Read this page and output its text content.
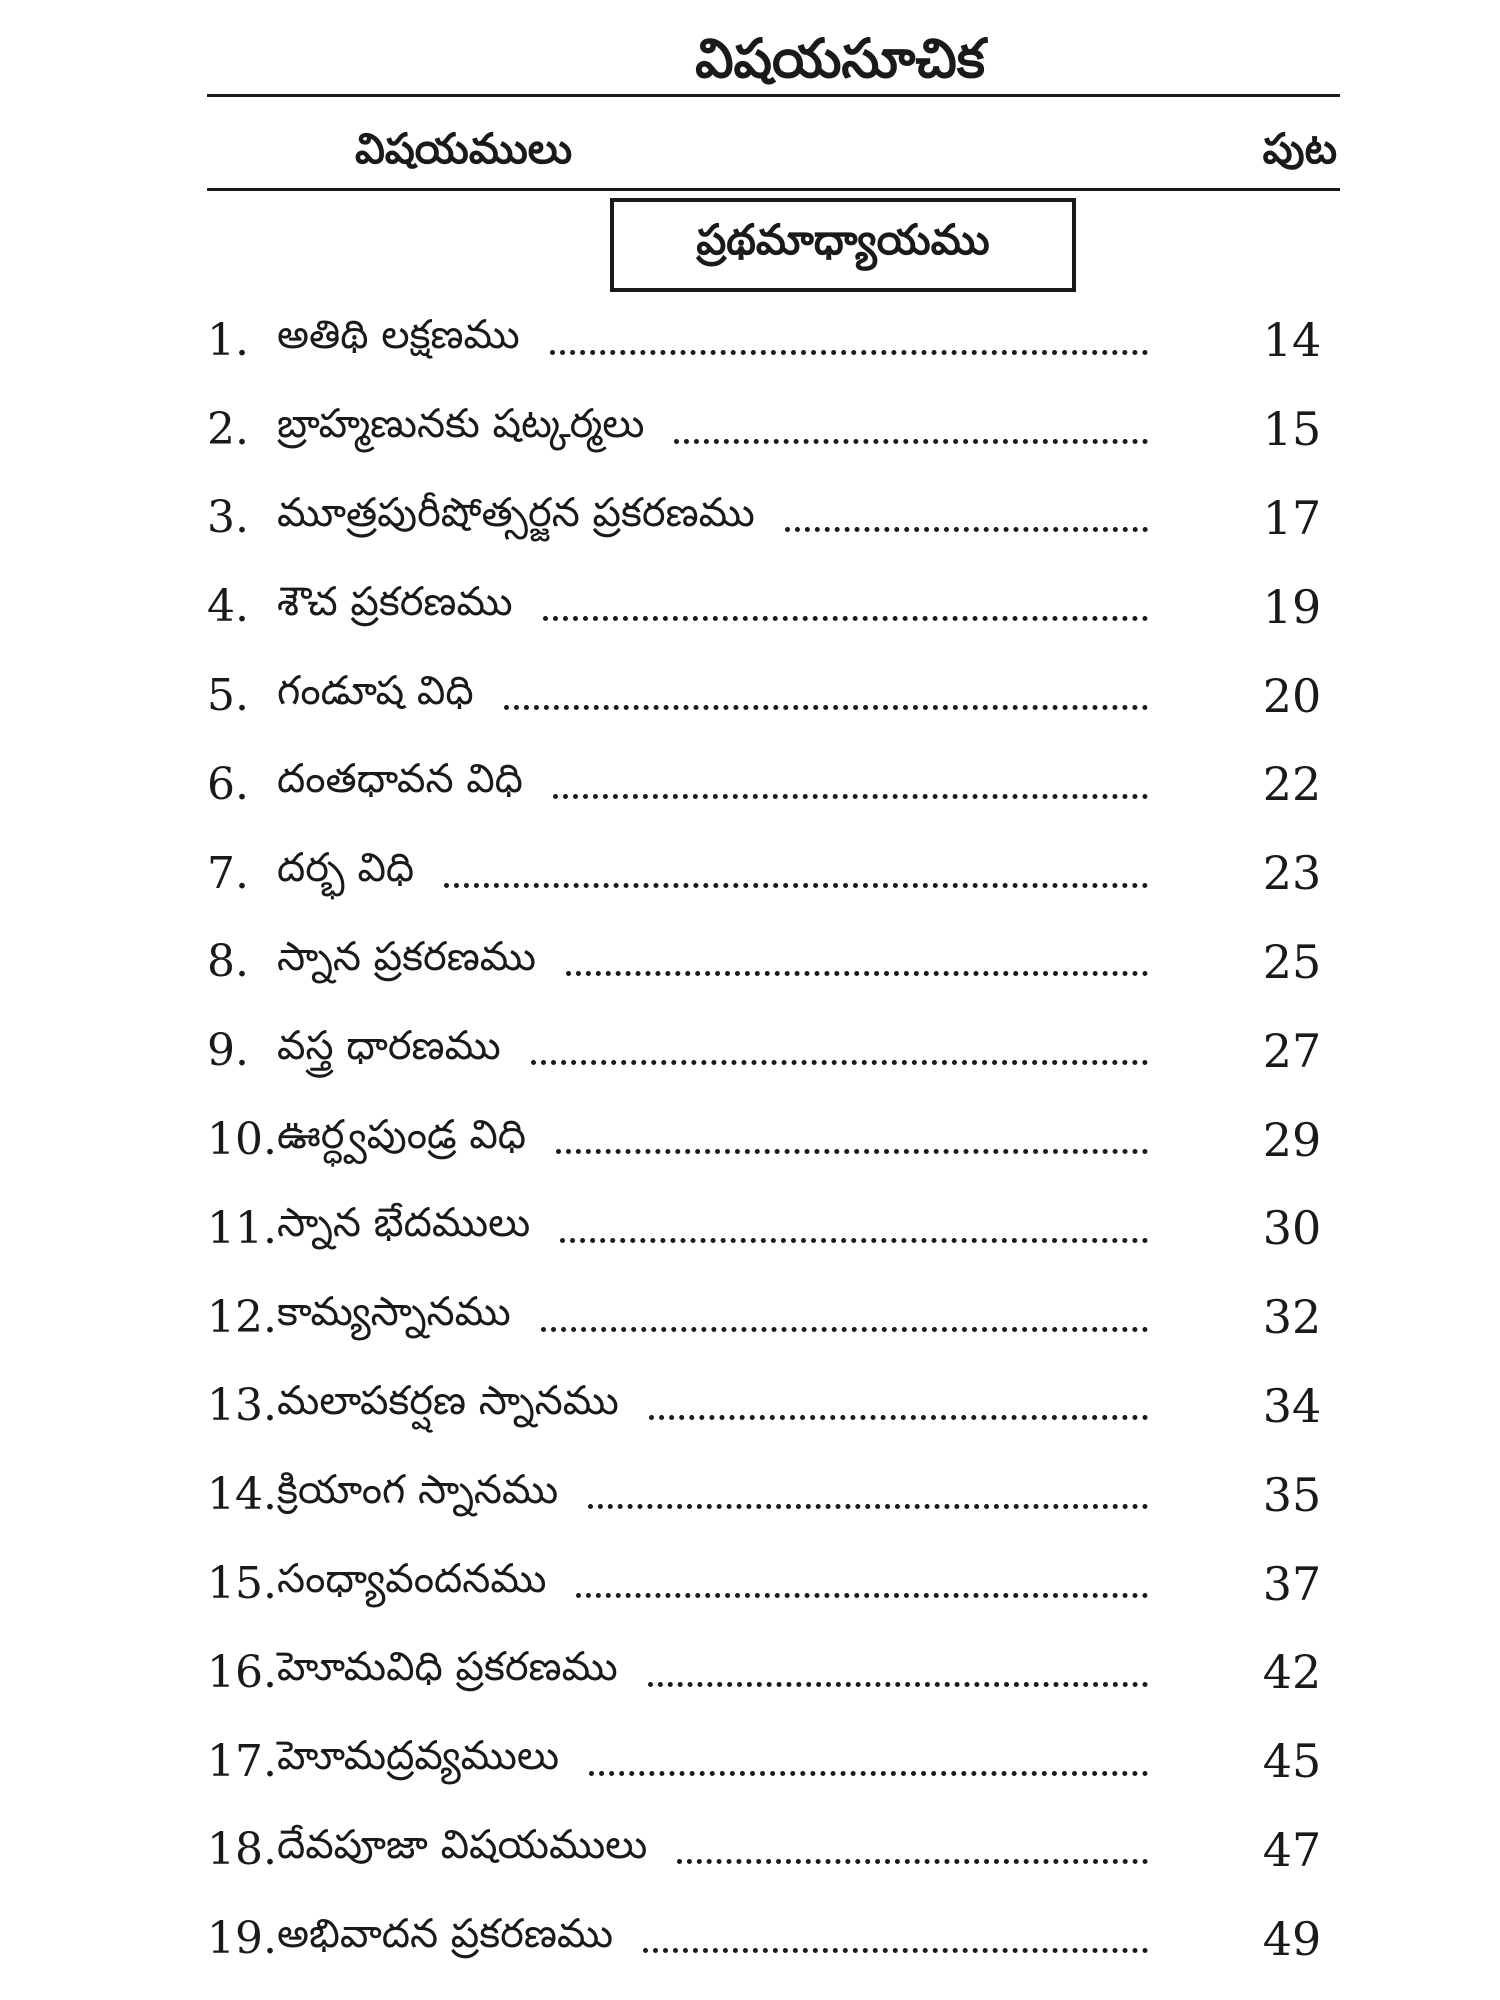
విషయసూచిక
విషయములు	పుట
ప్రథమాధ్యాయము
1. అతిథి లక్షణము	14
2. బ్రాహ్మణునకు షట్కర్మలు	15
3. మూత్రపురీషోత్సర్జన ప్రకరణము	17
4. శౌచ ప్రకరణము	19
5. గండూష విధి	20
6. దంతధావన విధి	22
7. దర్భ విధి	23
8. స్నాన ప్రకరణము	25
9. వస్త్ర ధారణము	27
10. ఊర్ధ్వపుండ్ర విధి	29
11. స్నాన భేదములు	30
12. కామ్యస్నానము	32
13. మలాపకర్షణ స్నానము	34
14. క్రియాంగ స్నానము	35
15. సంధ్యావందనము	37
16. హెూమవిధి ప్రకరణము	42
17. హెూమద్రవ్యములు	45
18. దేవపూజా విషయములు	47
19. అభివాదన ప్రకరణము	49
